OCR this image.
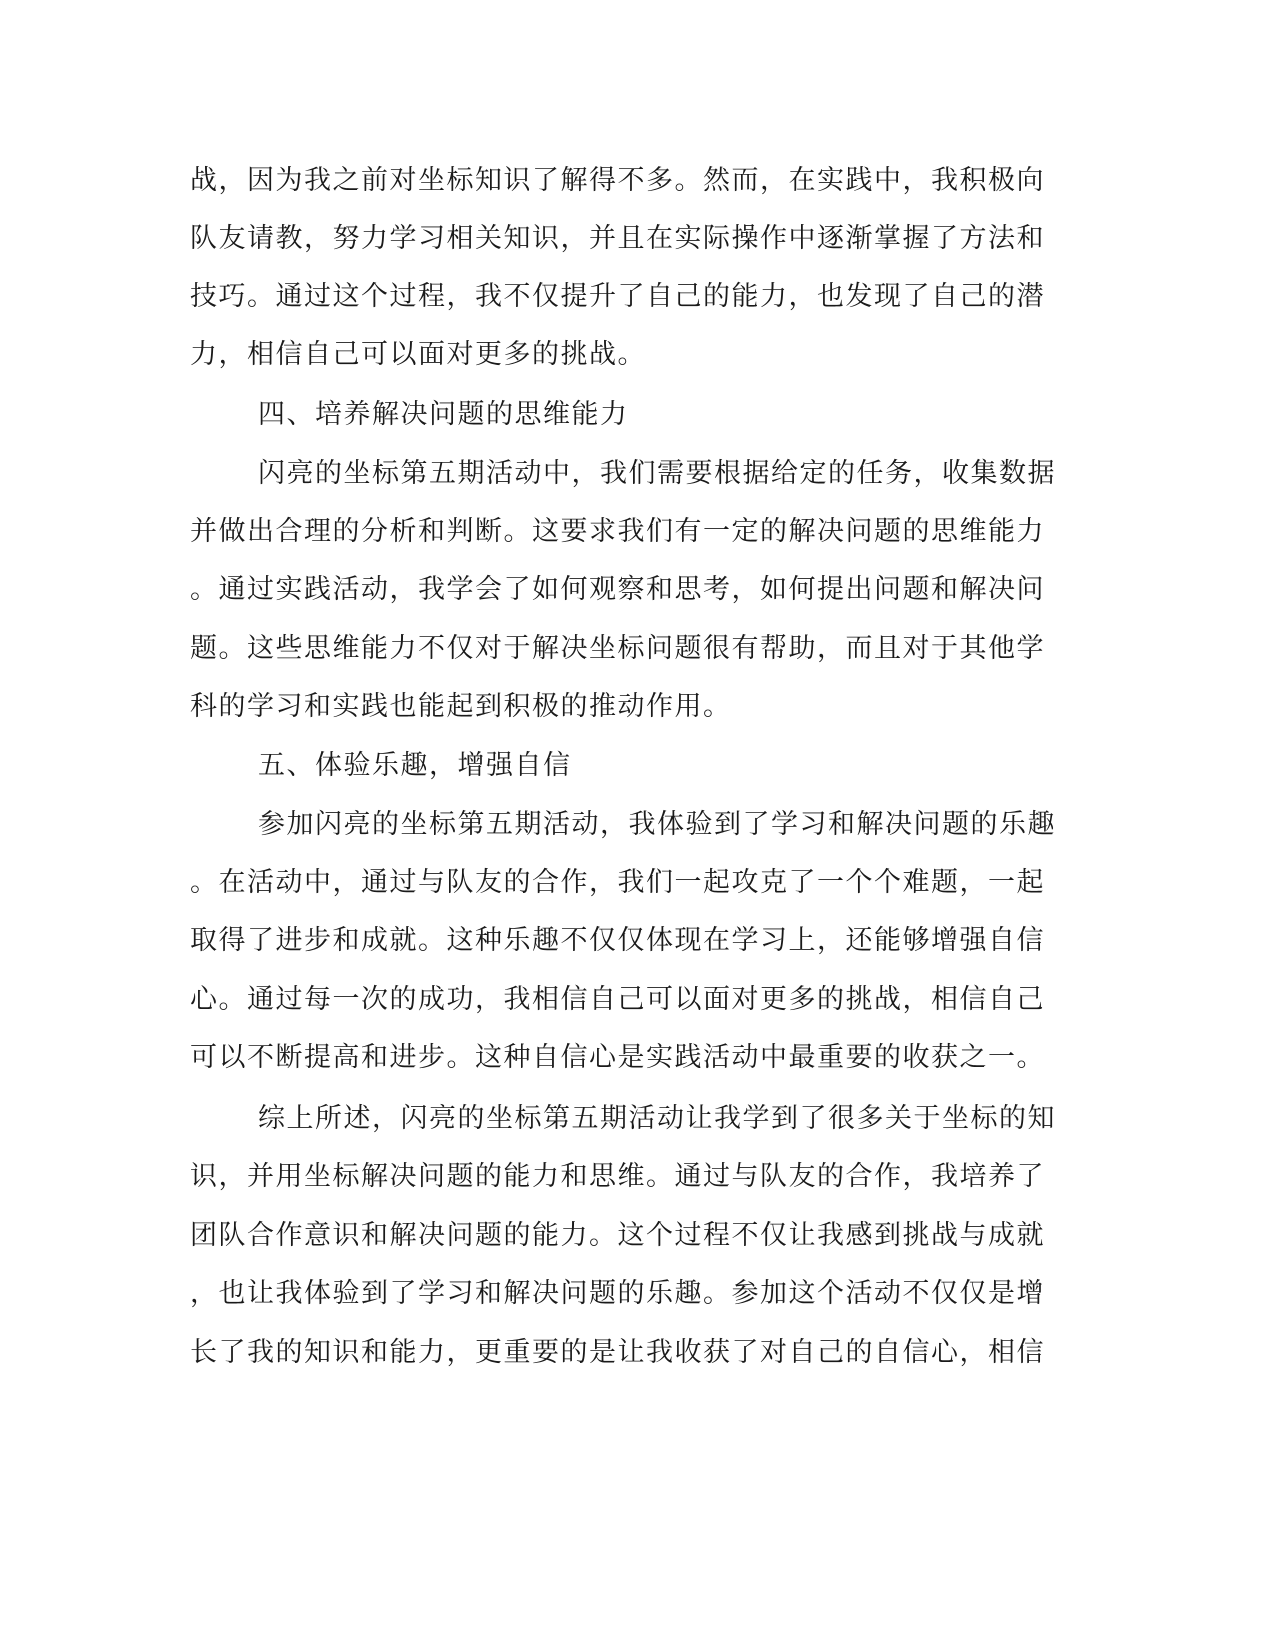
战，因为我之前对坐标知识了解得不多。然而，在实践中，我积极向
队友请教，努力学习相关知识，并且在实际操作中逐渐掌握了方法和
技巧。通过这个过程，我不仅提升了自己的能力，也发现了自己的潜
力，相信自己可以面对更多的挑战。
四、培养解决问题的思维能力
闪亮的坐标第五期活动中，我们需要根据给定的任务，收集数据
并做出合理的分析和判断。这要求我们有一定的解决问题的思维能力
。通过实践活动，我学会了如何观察和思考，如何提出问题和解决问
题。这些思维能力不仅对于解决坐标问题很有帮助，而且对于其他学
科的学习和实践也能起到积极的推动作用。
五、体验乐趣，增强自信
参加闪亮的坐标第五期活动，我体验到了学习和解决问题的乐趣
。在活动中，通过与队友的合作，我们一起攻克了一个个难题，一起
取得了进步和成就。这种乐趣不仅仅体现在学习上，还能够增强自信
心。通过每一次的成功，我相信自己可以面对更多的挑战，相信自己
可以不断提高和进步。这种自信心是实践活动中最重要的收获之一。
综上所述，闪亮的坐标第五期活动让我学到了很多关于坐标的知
识，并用坐标解决问题的能力和思维。通过与队友的合作，我培养了
团队合作意识和解决问题的能力。这个过程不仅让我感到挑战与成就
，也让我体验到了学习和解决问题的乐趣。参加这个活动不仅仅是增
长了我的知识和能力，更重要的是让我收获了对自己的自信心，相信
